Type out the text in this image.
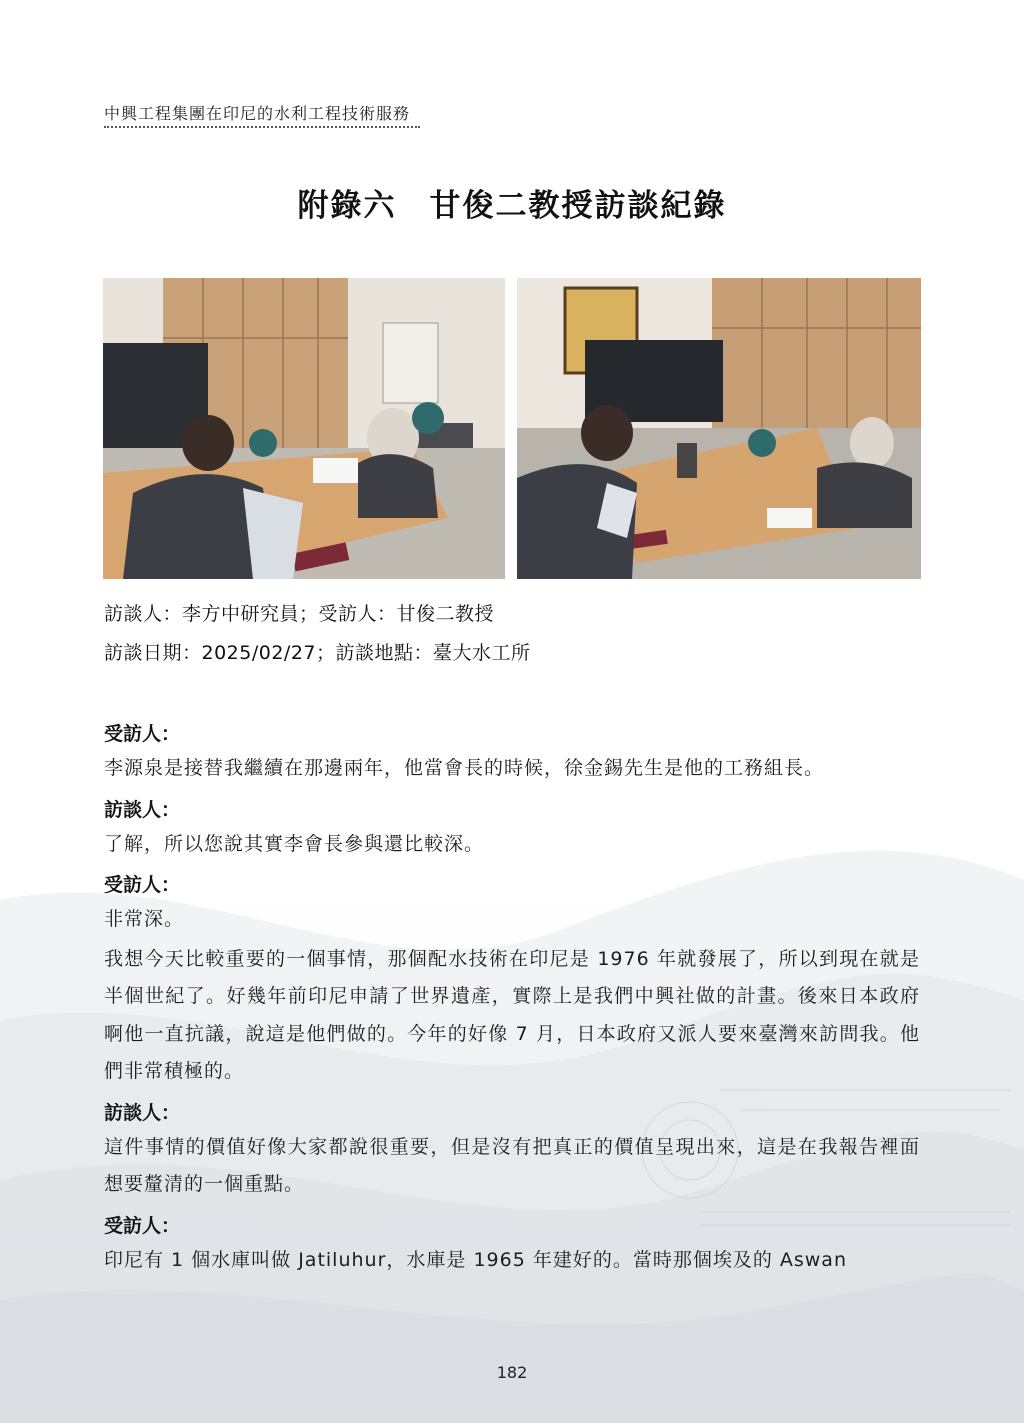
中興工程集團在印尼的水利工程技術服務
附錄六　甘俊二教授訪談紀錄
訪談人：李方中研究員；受訪人：甘俊二教授
訪談日期：2025/02/27；訪談地點：臺大水工所
受訪人：
李源泉是接替我繼續在那邊兩年，他當會長的時候，徐金錫先生是他的工務組長。
訪談人：
了解，所以您說其實李會長參與還比較深。
受訪人：
非常深。
我想今天比較重要的一個事情，那個配水技術在印尼是 1976 年就發展了，所以到現在就是半個世紀了。好幾年前印尼申請了世界遺產，實際上是我們中興社做的計畫。後來日本政府啊他一直抗議，說這是他們做的。今年的好像 7 月，日本政府又派人要來臺灣來訪問我。他們非常積極的。
訪談人：
這件事情的價值好像大家都說很重要，但是沒有把真正的價值呈現出來，這是在我報告裡面想要釐清的一個重點。
受訪人：
印尼有 1 個水庫叫做 Jatiluhur，水庫是 1965 年建好的。當時那個埃及的 Aswan
182
